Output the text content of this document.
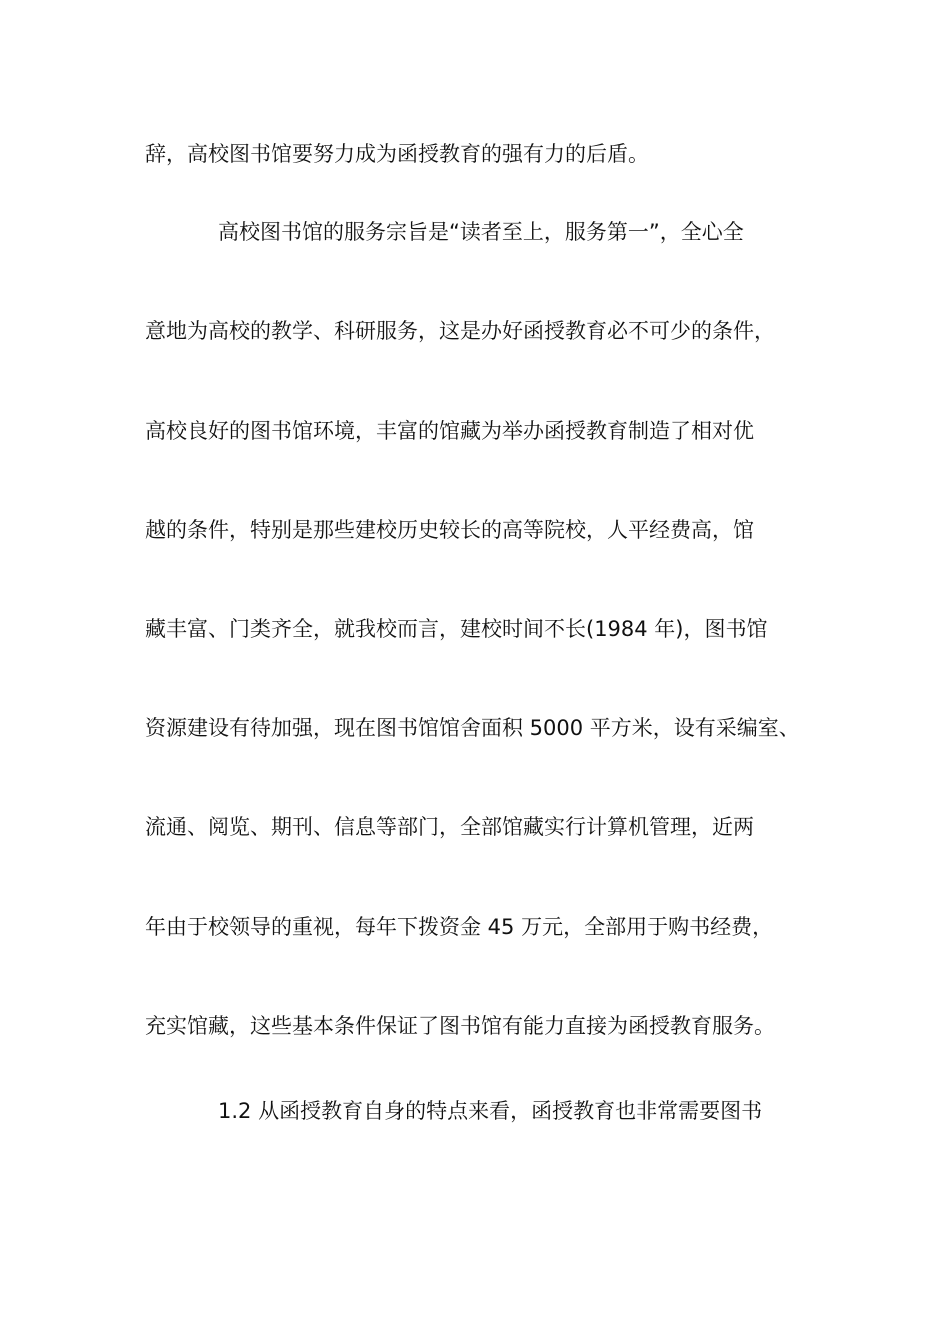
辞，高校图书馆要努力成为函授教育的强有力的后盾。
高校图书馆的服务宗旨是“读者至上，服务第一”，全心全
意地为高校的教学、科研服务，这是办好函授教育必不可少的条件，
高校良好的图书馆环境，丰富的馆藏为举办函授教育制造了相对优
越的条件，特别是那些建校历史较长的高等院校，人平经费高，馆
藏丰富、门类齐全，就我校而言，建校时间不长(1984 年)，图书馆
资源建设有待加强，现在图书馆馆舍面积 5000 平方米，设有采编室、
流通、阅览、期刊、信息等部门，全部馆藏实行计算机管理，近两
年由于校领导的重视，每年下拨资金 45 万元，全部用于购书经费，
充实馆藏，这些基本条件保证了图书馆有能力直接为函授教育服务。
1.2 从函授教育自身的特点来看，函授教育也非常需要图书
